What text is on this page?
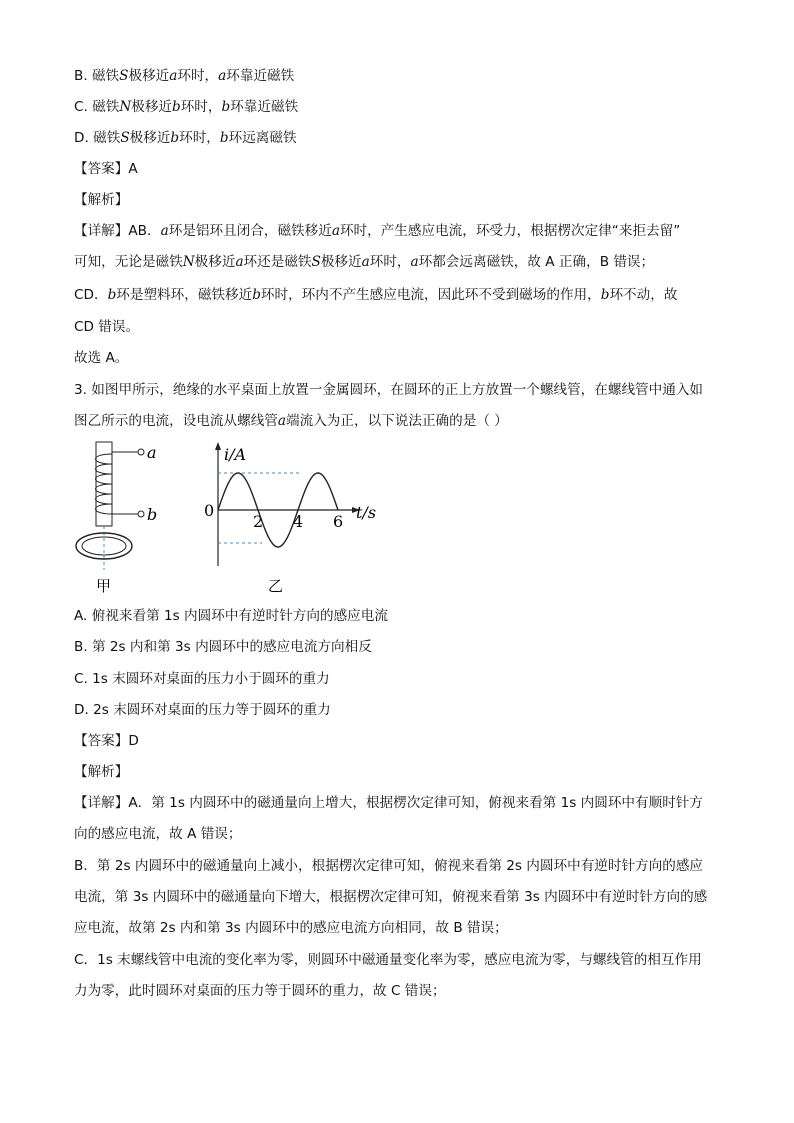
B. 磁铁S极移近a环时，a环靠近磁铁
C. 磁铁N极移近b环时，b环靠近磁铁
D. 磁铁S极移近b环时，b环远离磁铁
【答案】A
【解析】
【详解】AB．a环是铝环且闭合，磁铁移近a环时，产生感应电流，环受力，根据楞次定律“来拒去留”
可知，无论是磁铁N极移近a环还是磁铁S极移近a环时，a环都会远离磁铁，故 A 正确，B 错误；
CD．b环是塑料环，磁铁移近b环时，环内不产生感应电流，因此环不受到磁场的作用，b环不动，故
CD 错误。
故选 A。
3. 如图甲所示，绝缘的水平桌面上放置一金属圆环，在圆环的正上方放置一个螺线管，在螺线管中通入如
图乙所示的电流，设电流从螺线管a端流入为正，以下说法正确的是（ ）
a
b
甲
i/A
t/s
0
2 4 6
乙
A. 俯视来看第 1s 内圆环中有逆时针方向的感应电流
B. 第 2s 内和第 3s 内圆环中的感应电流方向相反
C. 1s 末圆环对桌面的压力小于圆环的重力
D. 2s 末圆环对桌面的压力等于圆环的重力
【答案】D
【解析】
【详解】A．第 1s 内圆环中的磁通量向上增大，根据楞次定律可知，俯视来看第 1s 内圆环中有顺时针方
向的感应电流，故 A 错误；
B．第 2s 内圆环中的磁通量向上减小，根据楞次定律可知，俯视来看第 2s 内圆环中有逆时针方向的感应
电流，第 3s 内圆环中的磁通量向下增大，根据楞次定律可知，俯视来看第 3s 内圆环中有逆时针方向的感
应电流，故第 2s 内和第 3s 内圆环中的感应电流方向相同，故 B 错误；
C．1s 末螺线管中电流的变化率为零，则圆环中磁通量变化率为零，感应电流为零，与螺线管的相互作用
力为零，此时圆环对桌面的压力等于圆环的重力，故 C 错误；
